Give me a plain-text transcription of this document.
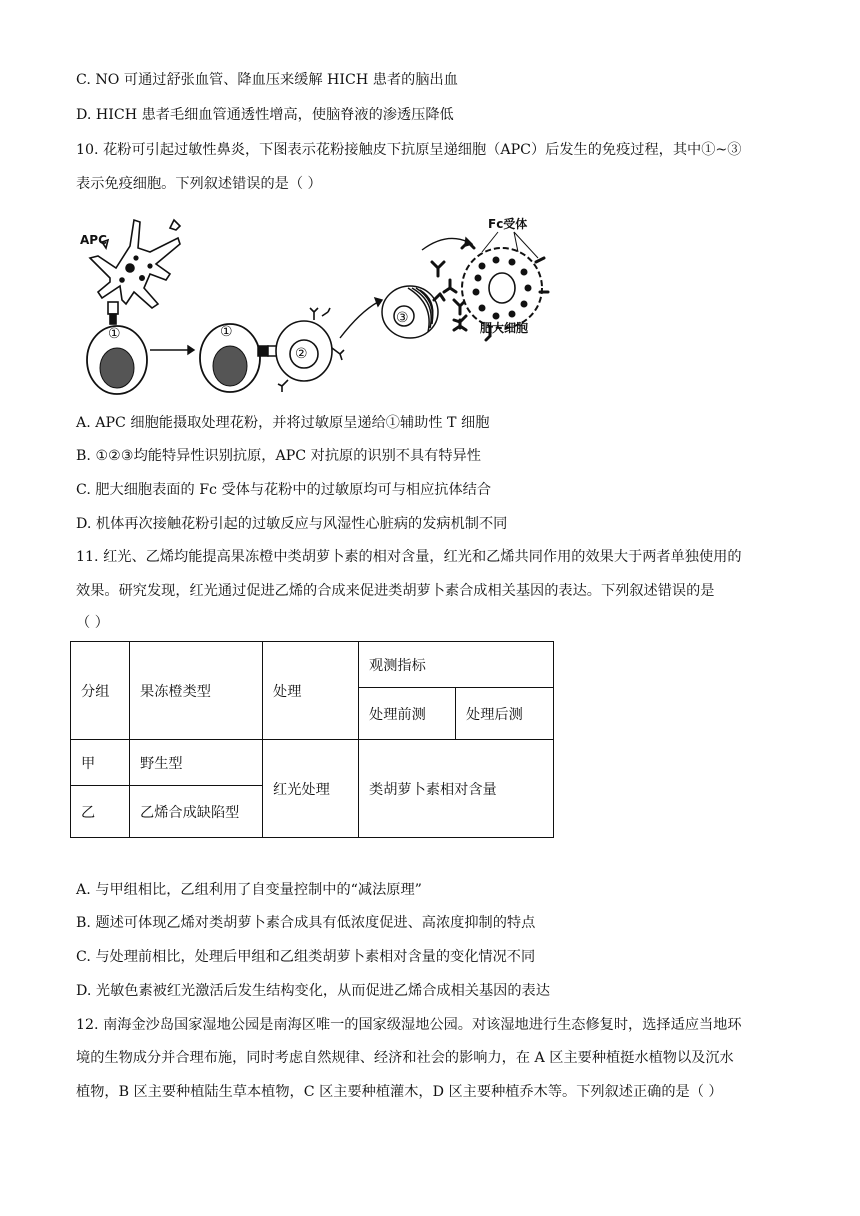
C. NO 可通过舒张血管、降血压来缓解 HICH 患者的脑出血
D. HICH 患者毛细血管通透性增高，使脑脊液的渗透压降低
10. 花粉可引起过敏性鼻炎，下图表示花粉接触皮下抗原呈递细胞（APC）后发生的免疫过程，其中①~③
表示免疫细胞。下列叙述错误的是（ ）
APC
①	①
②
③
Fc受体
肥大细胞
A. APC 细胞能摄取处理花粉，并将过敏原呈递给①辅助性 T 细胞
B. ①②③均能特异性识别抗原，APC 对抗原的识别不具有特异性
C. 肥大细胞表面的 Fc 受体与花粉中的过敏原均可与相应抗体结合
D. 机体再次接触花粉引起的过敏反应与风湿性心脏病的发病机制不同
11. 红光、乙烯均能提高果冻橙中类胡萝卜素的相对含量，红光和乙烯共同作用的效果大于两者单独使用的
效果。研究发现，红光通过促进乙烯的合成来促进类胡萝卜素合成相关基因的表达。下列叙述错误的是
（ ）
分组	果冻橙类型	处理	观测指标	
			处理前测	处理后测
甲	野生型	红光处理	类胡萝卜素相对含量	
乙	乙烯合成缺陷型			
A. 与甲组相比，乙组利用了自变量控制中的“减法原理”
B. 题述可体现乙烯对类胡萝卜素合成具有低浓度促进、高浓度抑制的特点
C. 与处理前相比，处理后甲组和乙组类胡萝卜素相对含量的变化情况不同
D. 光敏色素被红光激活后发生结构变化，从而促进乙烯合成相关基因的表达
12. 南海金沙岛国家湿地公园是南海区唯一的国家级湿地公园。对该湿地进行生态修复时，选择适应当地环
境的生物成分并合理布施，同时考虑自然规律、经济和社会的影响力，在 A 区主要种植挺水植物以及沉水
植物，B 区主要种植陆生草本植物，C 区主要种植灌木，D 区主要种植乔木等。下列叙述正确的是（ ）
